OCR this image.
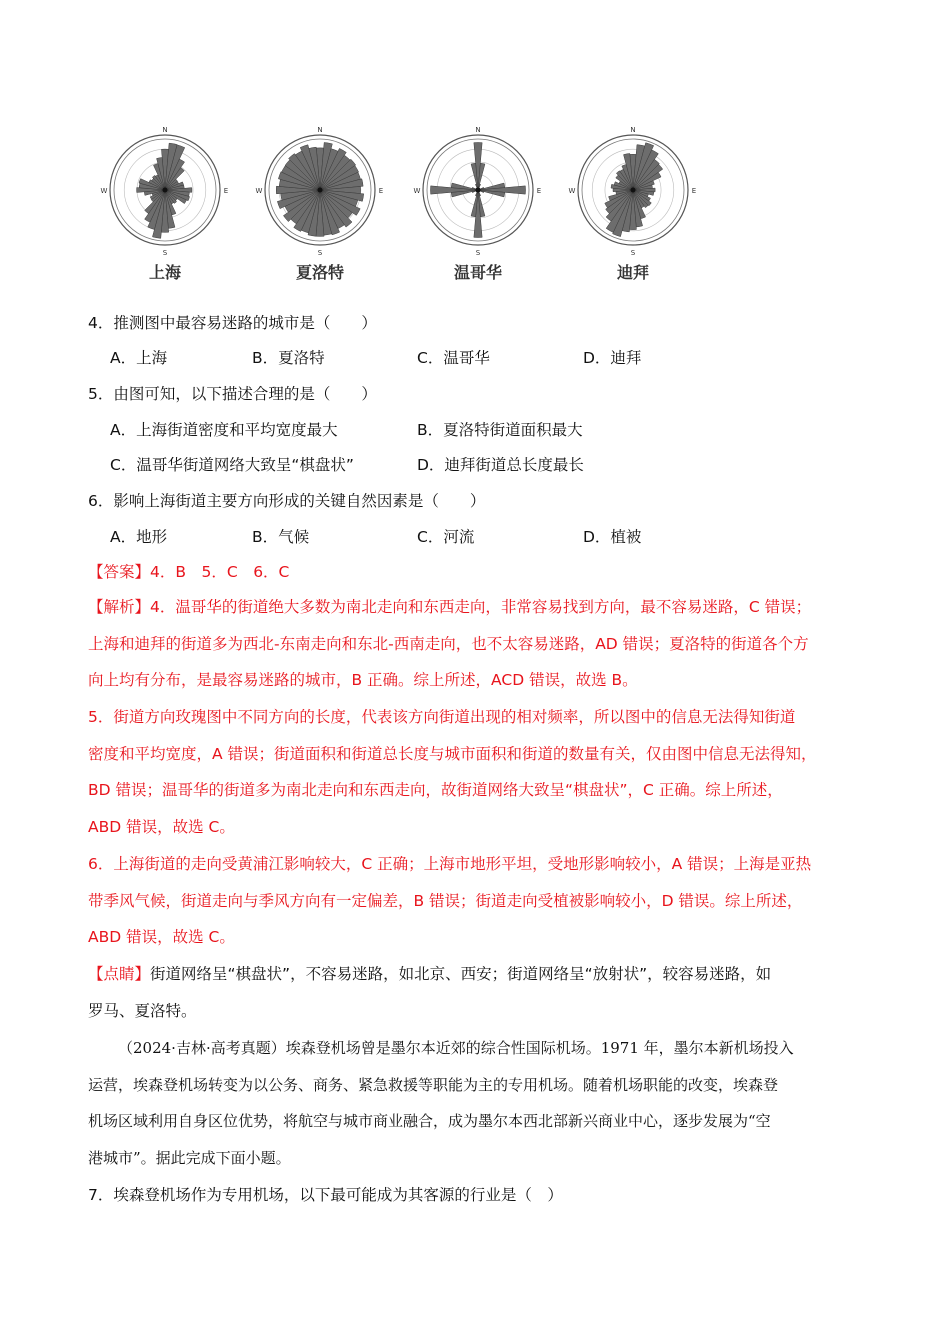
N
S
E
W
上海
N
S
E
W
夏洛特
N
S
E
W
温哥华
N
S
E
W
迪拜
4．推测图中最容易迷路的城市是（　　）
A．上海	B．夏洛特	C．温哥华	D．迪拜
5．由图可知，以下描述合理的是（　　）
A．上海街道密度和平均宽度最大	B．夏洛特街道面积最大
C．温哥华街道网络大致呈“棋盘状”	D．迪拜街道总长度最长
6．影响上海街道主要方向形成的关键自然因素是（　　）
A．地形	B．气候	C．河流	D．植被
【答案】4．B　5．C　6．C
【解析】4．温哥华的街道绝大多数为南北走向和东西走向，非常容易找到方向，最不容易迷路，C 错误；
上海和迪拜的街道多为西北-东南走向和东北-西南走向，也不太容易迷路，AD 错误；夏洛特的街道各个方
向上均有分布，是最容易迷路的城市，B 正确。综上所述，ACD 错误，故选 B。
5．街道方向玫瑰图中不同方向的长度，代表该方向街道出现的相对频率，所以图中的信息无法得知街道
密度和平均宽度，A 错误；街道面积和街道总长度与城市面积和街道的数量有关，仅由图中信息无法得知，
BD 错误；温哥华的街道多为南北走向和东西走向，故街道网络大致呈“棋盘状”，C 正确。综上所述，
ABD 错误，故选 C。
6．上海街道的走向受黄浦江影响较大，C 正确；上海市地形平坦，受地形影响较小，A 错误；上海是亚热
带季风气候，街道走向与季风方向有一定偏差，B 错误；街道走向受植被影响较小，D 错误。综上所述，
ABD 错误，故选 C。
【点睛】街道网络呈“棋盘状”，不容易迷路，如北京、西安；街道网络呈“放射状”，较容易迷路，如
罗马、夏洛特。
（2024·吉林·高考真题）埃森登机场曾是墨尔本近郊的综合性国际机场。1971 年，墨尔本新机场投入
运营，埃森登机场转变为以公务、商务、紧急救援等职能为主的专用机场。随着机场职能的改变，埃森登
机场区域利用自身区位优势，将航空与城市商业融合，成为墨尔本西北部新兴商业中心，逐步发展为“空
港城市”。据此完成下面小题。
7．埃森登机场作为专用机场，以下最可能成为其客源的行业是（　）
